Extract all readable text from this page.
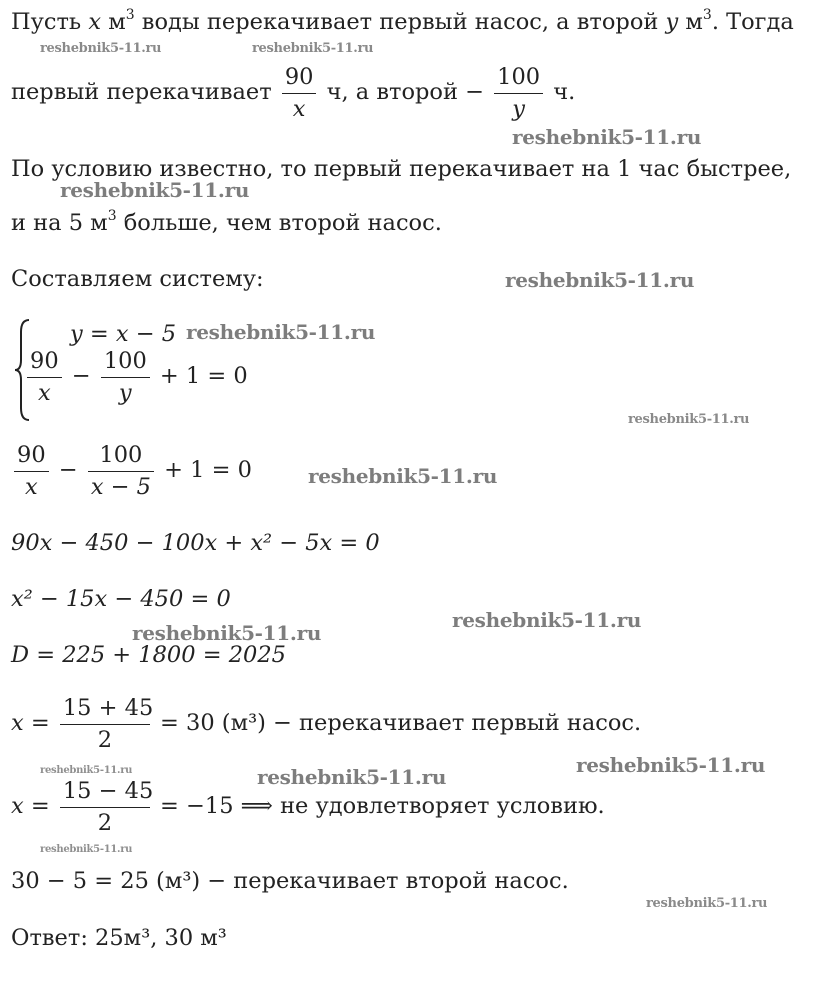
Пусть x $м^3$ воды перекачивает первый насос, а второй y $м^3$. Тогда
первый перекачивает $\frac{90}{x} ч$, а второй − $\frac{100}{y} ч$.
По условию известно, то первый перекачивает на 1 час быстрее,
и на 5 $м^3$ больше, чем второй насос.
Составляем систему:
y = x − 5
$\frac{90}{x} - \frac{100}{y} + 1 = 0$
$\frac{90}{x} - \frac{100}{x - 5} + 1 = 0$
90x − 450 − 100x + x² − 5x = 0
x² − 15x − 450 = 0
D = 225 + 1800 = 2025
$x = \frac{15 + 45}{2} = 30$ (м³) − перекачивает первый насос.
$x = \frac{15 - 45}{2} = -15$ ⟹ не удовлетворяет условию.
30 − 5 = 25 (м³) − перекачивает второй насос.
Ответ: 25м³, 30 м³
reshebnik5-11.ru	reshebnik5-11.ru
reshebnik5-11.ru
reshebnik5-11.ru
reshebnik5-11.ru
reshebnik5-11.ru
reshebnik5-11.ru
reshebnik5-11.ru
reshebnik5-11.ru
reshebnik5-11.ru
reshebnik5-11.ru
reshebnik5-11.ru	reshebnik5-11.ru
reshebnik5-11.ru
reshebnik5-11.ru
